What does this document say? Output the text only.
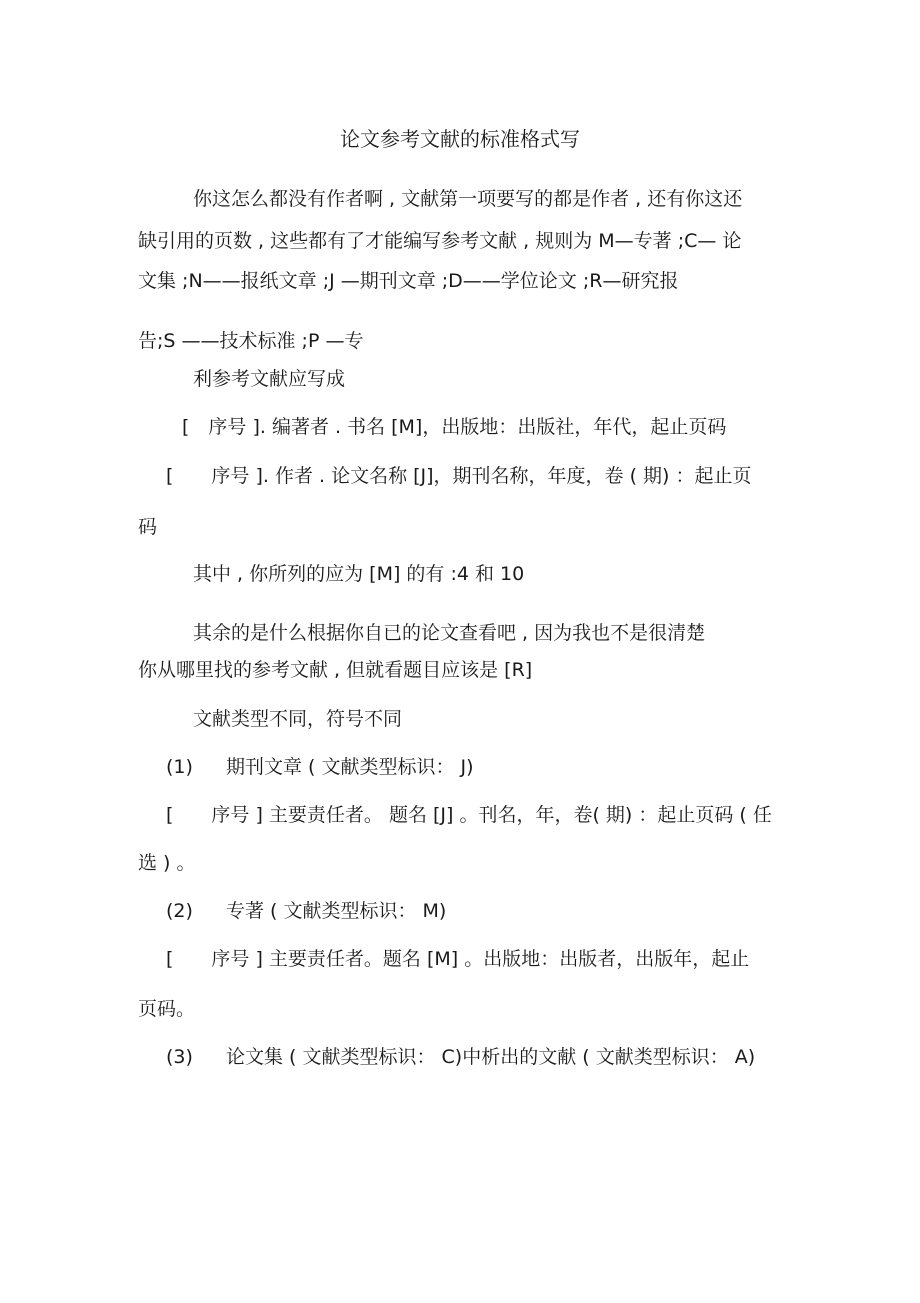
论文参考文献的标准格式写
你这怎么都没有作者啊 , 文献第一项要写的都是作者 , 还有你这还
缺引用的页数 , 这些都有了才能编写参考文献 , 规则为 M—专著 ;C— 论
文集 ;N——报纸文章 ;J —期刊文章 ;D——学位论文 ;R—研究报
告;S ——技术标准 ;P —专
利参考文献应写成
[　序号 ]. 编著者 . 书名 [M]，出版地：出版社，年代，起止页码
[　　序号 ]. 作者 . 论文名称 [J]，期刊名称，年度，卷 ( 期) ：起止页
码
其中 , 你所列的应为 [M] 的有 :4 和 10
其余的是什么根据你自已的论文查看吧 , 因为我也不是很清楚
你从哪里找的参考文献 , 但就看题目应该是 [R]
文献类型不同，符号不同
(1) 期刊文章 ( 文献类型标识： J)
[　　序号 ] 主要责任者。 题名 [J] 。刊名，年，卷( 期) ：起止页码 ( 任
选 ) 。
(2) 专著 ( 文献类型标识： M)
[　　序号 ] 主要责任者。题名 [M] 。出版地：出版者，出版年，起止
页码。
(3) 论文集 ( 文献类型标识： C)中析出的文献 ( 文献类型标识： A)
